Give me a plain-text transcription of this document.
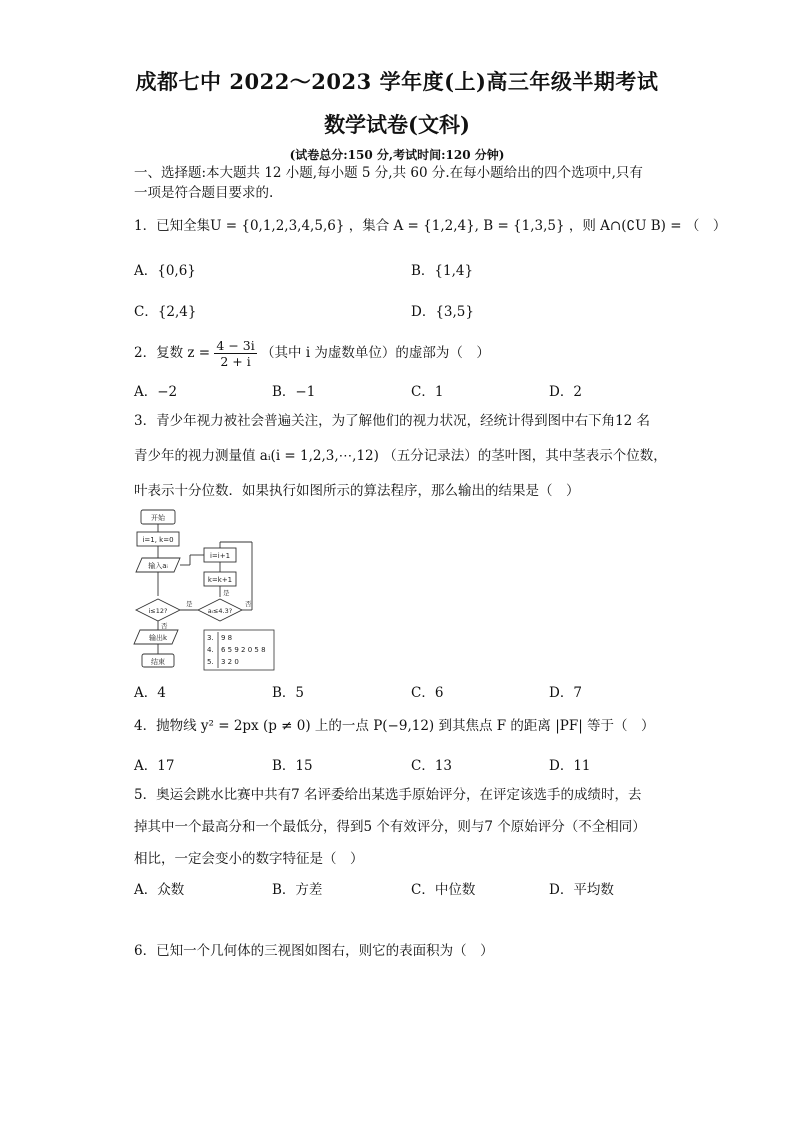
成都七中 2022～2023 学年度(上)高三年级半期考试
数学试卷(文科)
(试卷总分:150 分,考试时间:120 分钟)
一、选择题:本大题共 12 小题,每小题 5 分,共 60 分.在每小题给出的四个选项中,只有
一项是符合题目要求的.
1．已知全集U = {0,1,2,3,4,5,6} ，集合 A = {1,2,4}, B = {1,3,5} ，则 A∩(∁U B) = （　）
A．{0,6}	B．{1,4}
C．{2,4}	D．{3,5}
2．复数 $z = \frac{4 - 3i}{2 + i}$ （其中 i 为虚数单位）的虚部为（　）
A．−2	B．−1	C．1	D．2
3．青少年视力被社会普遍关注，为了解他们的视力状况，经统计得到图中右下角12 名
青少年的视力测量值 aᵢ(i = 1,2,3,⋯,12) （五分记录法）的茎叶图，其中茎表示个位数，
叶表示十分位数．如果执行如图所示的算法程序，那么输出的结果是（　）
开始
i=1, k=0
输入aᵢ
i≤12?
输出k
结束
i=i+1
k=k+1
aᵢ≤4.3?
是
是
否
否
3. 9 8
4. 6 5 9 2 0 5 8
5. 3 2 0
A．4	B．5	C．6	D．7
4．抛物线 y² = 2px (p ≠ 0) 上的一点 P(−9,12) 到其焦点 F 的距离 |PF| 等于（　）
A．17	B．15	C．13	D．11
5．奥运会跳水比赛中共有7 名评委给出某选手原始评分，在评定该选手的成绩时，去
掉其中一个最高分和一个最低分，得到5 个有效评分，则与7 个原始评分（不全相同）
相比，一定会变小的数字特征是（　）
A．众数	B．方差	C．中位数	D．平均数
6．已知一个几何体的三视图如图右，则它的表面积为（　）
